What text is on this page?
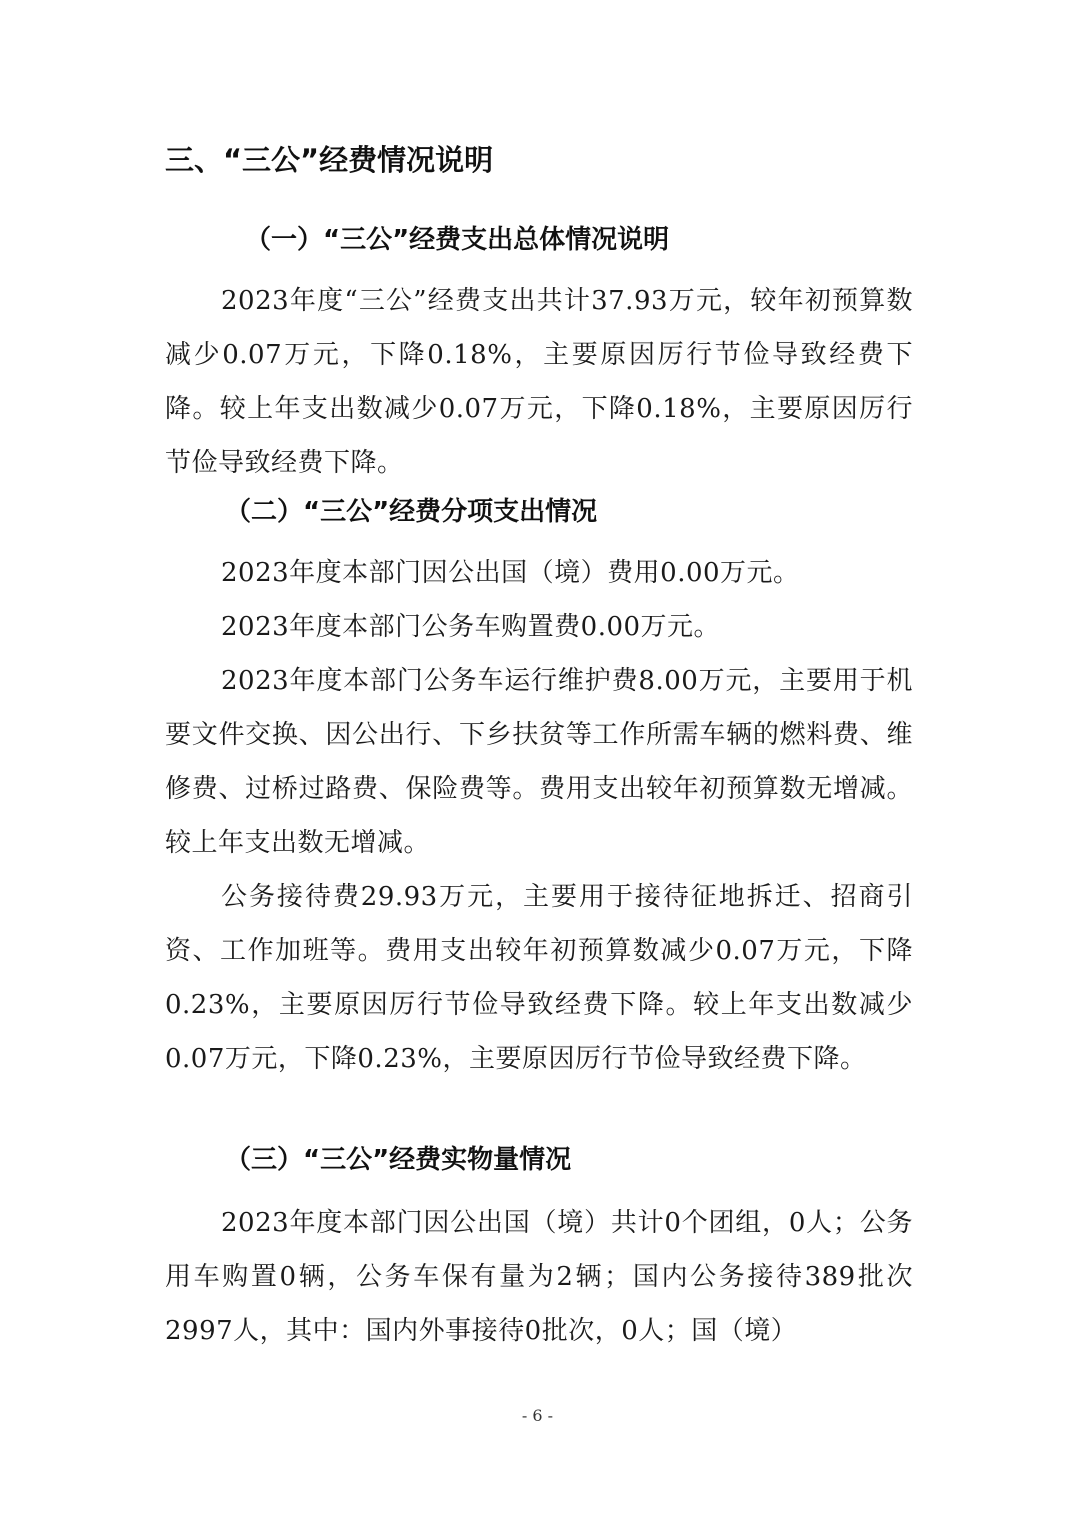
三、“三公”经费情况说明
（一）“三公”经费支出总体情况说明

2023年度“三公”经费支出共计37.93万元，较年初预算数减少0.07万元，下降0.18%，主要原因厉行节俭导致经费下降。较上年支出数减少0.07万元，下降0.18%，主要原因厉行节俭导致经费下降。

（二）“三公”经费分项支出情况

2023年度本部门因公出国（境）费用0.00万元。

2023年度本部门公务车购置费0.00万元。

2023年度本部门公务车运行维护费8.00万元，主要用于机要文件交换、因公出行、下乡扶贫等工作所需车辆的燃料费、维修费、过桥过路费、保险费等。费用支出较年初预算数无增减。较上年支出数无增减。

公务接待费29.93万元，主要用于接待征地拆迁、招商引资、工作加班等。费用支出较年初预算数减少0.07万元，下降0.23%，主要原因厉行节俭导致经费下降。较上年支出数减少0.07万元，下降0.23%，主要原因厉行节俭导致经费下降。

（三）“三公”经费实物量情况

2023年度本部门因公出国（境）共计0个团组，0人；公务用车购置0辆，公务车保有量为2辆；国内公务接待389批次2997人，其中：国内外事接待0批次，0人；国（境）

- 6 -
